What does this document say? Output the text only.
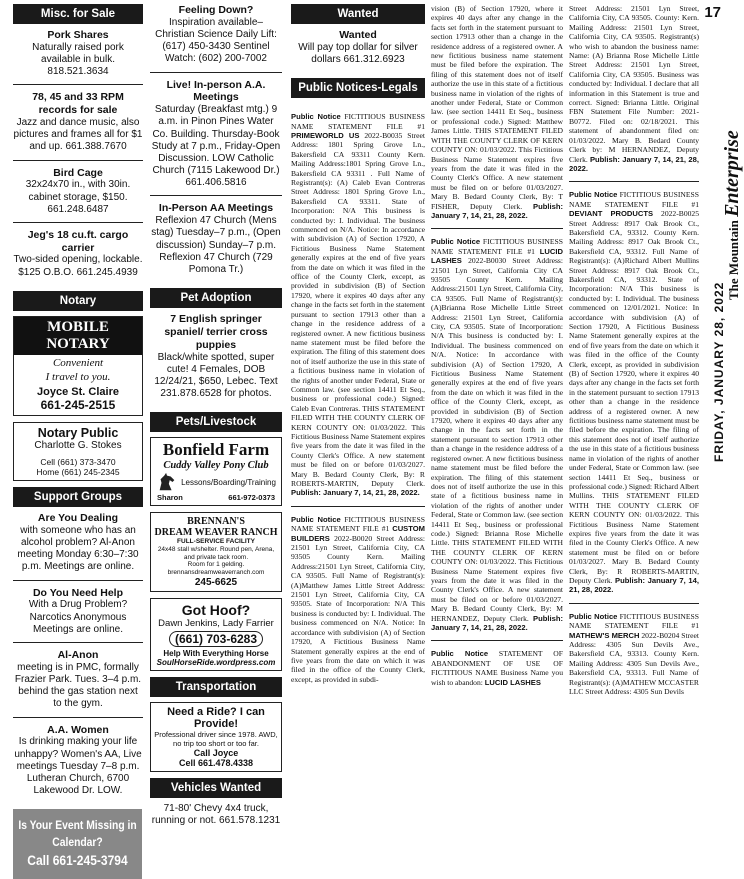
17
The Mountain Enterprise
FRIDAY, JANUARY 28, 2022
Misc. for Sale
Pork Shares
Naturally raised pork
available in bulk.
818.521.3634
78, 45 and 33 RPM records for sale
Jazz and dance music, also pictures and frames all for $1 and up. 661.388.7670
Bird Cage
32x24x70 in., with 30in. cabinet storage, $150. 661.248.6487
Jeg's 18 cu.ft. cargo carrier
Two-sided opening, lockable. $125 O.B.O. 661.245.4939
Notary
MOBILE NOTARY
Convenient
I travel to you.
Joyce St. Claire
661-245-2515
Notary Public
Charlotte G. Stokes
Cell (661) 373-3470
Home (661) 245-2345
Support Groups
Are You Dealing
with someone who has an alcohol problem? Al-Anon meeting Monday 6:30–7:30 p.m. Meetings are online.
Do You Need Help
With a Drug Problem? Narcotics Anonymous Meetings are online.
Al-Anon
meeting is in PMC, formally Frazier Park. Tues. 3–4 p.m. behind the gas station next to the gym.
A.A. Women
Is drinking making your life unhappy? Women's AA, Live meetings Tuesday 7–8 p.m. Lutheran Church, 6700 Lakewood Dr. LOW.
Is Your Event Missing in Calendar?
Call 661-245-3794
Feeling Down?
Inspiration available– Christian Science Daily Lift: (617) 450-3430 Sentinel Watch: (602) 200-7002
Live! In-person A.A. Meetings
Saturday (Breakfast mtg.) 9 a.m. in Pinon Pines Water Co. Building. Thursday-Book Study at 7 p.m., Friday-Open Discussion. LOW Catholic Church (7115 Lakewood Dr.) 661.406.5816
In-Person AA Meetings
Reflexion 47 Church (Mens stag) Tuesday–7 p.m., (Open discussion) Sunday–7 p.m. Reflexion 47 Church (729 Pomona Tr.)
Pet Adoption
7 English springer spaniel/ terrier cross puppies
Black/white spotted, super cute! 4 Females, DOB 12/24/21, $650, Lebec. Text 231.878.6528 for photos.
Pets/Livestock
Bonfield Farm
Cuddy Valley Pony Club
Lessons/Boarding/Training
Sharon	661-972-0373
BRENNAN'S
DREAM WEAVER RANCH
FULL-SERVICE FACILITY
24x48 stall w/shelter. Round pen, Arena, and private tack room.
Room for 1 gelding.
brennansdreamweaverranch.com
245-6625
Got Hoof?
Dawn Jenkins, Lady Farrier
(661) 703-6283
Help With Everything Horse
SoulHorseRide.wordpress.com
Transportation
Need a Ride? I can Provide!
Professional driver since 1978. AWD, no trip too short or too far.
Call Joyce
Cell 661.478.4338
Vehicles Wanted
71-80' Chevy 4x4 truck, running or not. 661.578.1231
Wanted
Wanted
Will pay top dollar for silver dollars 661.312.6923
Public Notices-Legals
Public Notice FICTITIOUS BUSINESS NAME STATEMENT FILE #1 PRIMEWORLD US 2022-B0035 Street Address: 1801 Spring Grove Ln., Bakersfield CA 93311 County Kern. Mailing Address:1801 Spring Grove Ln., Bakersfield CA 93311 . Full Name of Registrant(s): (A) Caleb Evan Contreras Street Address: 1801 Spring Grove Ln., Bakersfield CA 93311. State of Incorporation: N/A This business is conducted by: I. Individual. The business commenced on N/A. Notice: In accordance with subdivision (A) of Section 17920, A Fictitious Business Name Statement generally expires at the end of five years from the date on which it was filed in the office of the County Clerk, except, as provided in subdivision (B) of Section 17920, where it expires 40 days after any change in the facts set forth in the statement pursuant to section 17913 other than a change in the residence address of a registered owner. A new fictitious business name statement must be filed before the expiration. The filing of this statement does not of itself authorize the use in this state of a fictitious business name in violation of the rights of another under Federal, State or Common law. (see section 14411 Et Seq., business or professional code.) Signed: Caleb Evan Contreras. THIS STATEMENT FILED WITH THE COUNTY CLERK OF KERN COUNTY ON: 01/03/2022. This Fictitious Business Name Statement expires five years from the date it was filed in the County Clerk's Office. A new statement must be filed on or before 01/03/2027. Mary B. Bedard County Clerk, By: R ROBERTS-MARTIN, Deputy Clerk. Publish: January 7, 14, 21, 28, 2022.
Public Notice FICTITIOUS BUSINESS NAME STATEMENT FILE #1 CUSTOM BUILDERS 2022-B0020 Street Address: 21501 Lyn Street, California City, CA 93505 County Kern. Mailing Address:21501 Lyn Street, California City, CA 93505. Full Name of Registrant(s): (A)Matthew James Little Street Address: 21501 Lyn Street, California City, CA 93505. State of Incorporation: N/A This business is conducted by: I. Individual. The business commenced on N/A. Notice: In accordance with subdivision (A) of Section 17920, A Fictitious Business Name Statement generally expires at the end of five years from the date on which it was filed in the office of the County Clerk, except, as provided in subdi-
vision (B) of Section 17920, where it expires 40 days after any change in the facts set forth in the statement pursuant to section 17913 other than a change in the residence address of a registered owner. A new fictitious business name statement must be filed before the expiration. The filing of this statement does not of itself authorize the use in this state of a fictitious business name in violation of the rights of another under Federal, State or Common law. (see section 14411 Et Seq., business or professional code.) Signed: Matthew James Little. THIS STATEMENT FILED WITH THE COUNTY CLERK OF KERN COUNTY ON: 01/03/2022. This Fictitious Business Name Statement expires five years from the date it was filed in the County Clerk's Office. A new statement must be filed on or before 01/03/2027. Mary B. Bedard County Clerk, By: T FISHER, Deputy Clerk. Publish: January 7, 14, 21, 28, 2022.
Public Notice FICTITIOUS BUSINESS NAME STATEMENT FILE #1 LUCID LASHES 2022-B0030 Street Address: 21501 Lyn Street, California City CA 93505 County Kern. Mailing Address:21501 Lyn Street, California City, CA 93505. Full Name of Registrant(s): (A)Brianna Rose Michelle Little Street Address: 21501 Lyn Street, California City, CA 93505. State of Incorporation: N/A This business is conducted by: I. Individual. The business commenced on N/A. Notice: In accordance with subdivision (A) of Section 17920, A Fictitious Business Name Statement generally expires at the end of five years from the date on which it was filed in the office of the County Clerk, except, as provided in subdivision (B) of Section 17920, where it expires 40 days after any change in the facts set forth in the statement pursuant to section 17913 other than a change in the residence address of a registered owner. A new fictitious business name statement must be filed before the expiration. The filing of this statement does not of itself authorize the use in this state of a fictitious business name in violation of the rights of another under Federal, State or Common law. (see section 14411 Et Seq., business or professional code.) Signed: Brianna Rose Michelle Little. THIS STATEMENT FILED WITH THE COUNTY CLERK OF KERN COUNTY ON: 01/03/2022. This Fictitious Business Name Statement expires five years from the date it was filed in the County Clerk's Office. A new statement must be filed on or before 01/03/2027. Mary B. Bedard County Clerk, By: M HERNANDEZ, Deputy Clerk. Publish: January 7, 14, 21, 28, 2022.
Public Notice STATEMENT OF ABANDONMENT OF USE OF FICTITIOUS NAME Business Name you wish to abandon: LUCID LASHES
Street Address: 21501 Lyn Street, California City, CA 93505. County: Kern. Mailing Address: 21501 Lyn Street, California City, CA 93505. Registrant(s) who wish to abandon the business name: Name: (A) Brianna Rose Michelle Little Street Address: 21501 Lyn Street, California City, CA 93505. Business was conducted by: Individual. I declare that all information in this Statement is true and correct. Signed: Brianna Little. Original FBN Statement File Number: 2021-B0772. Filed on: 02/18/2021. This statement of abandonment filed on: 01/03/2022. Mary B. Bedard County Clerk by: M HERNANDEZ, Deputy Clerk. Publish: January 7, 14, 21, 28, 2022.
Public Notice FICTITIOUS BUSINESS NAME STATEMENT FILE #1 DEVIANT PRODUCTS 2022-B0025 Street Address: 8917 Oak Brook Ct., Bakersfield CA, 93312. County Kern. Mailing Address: 8917 Oak Brook Ct., Bakersfield CA, 93312. Full Name of Registrant(s): (A)Richard Albert Mullins Street Address: 8917 Oak Brook Ct., Bakersfield CA, 93312. State of Incorporation: N/A This business is conducted by: I. Individual. The business commenced on 12/01/2021. Notice: In accordance with subdivision (A) of Section 17920, A Fictitious Business Name Statement generally expires at the end of five years from the date on which it was filed in the office of the County Clerk, except, as provided in subdivision (B) of Section 17920, where it expires 40 days after any change in the facts set forth in the statement pursuant to section 17913 other than a change in the residence address of a registered owner. A new fictitious business name statement must be filed before the expiration. The filing of this statement does not of itself authorize the use in this state of a fictitious business name in violation of the rights of another under Federal, State or Common law. (see section 14411 Et Seq., business or professional code.) Signed: Richard Albert Mullins. THIS STATEMENT FILED WITH THE COUNTY CLERK OF KERN COUNTY ON: 01/03/2022. This Fictitious Business Name Statement expires five years from the date it was filed in the County Clerk's Office. A new statement must be filed on or before 01/03/2027. Mary B. Bedard County Clerk, By: R ROBERTS-MARTIN, Deputy Clerk. Publish: January 7, 14, 21, 28, 2022.
Public Notice FICTITIOUS BUSINESS NAME STATEMENT FILE #1 MATHEW'S MERCH 2022-B0204 Street Address: 4305 Sun Devils Ave., Bakersfield CA, 93313. County Kern. Mailing Address: 4305 Sun Devils Ave., Bakersfield CA, 93313. Full Name of Registrant(s): (A)MATHEW MCCASTER LLC Street Address: 4305 Sun Devils
